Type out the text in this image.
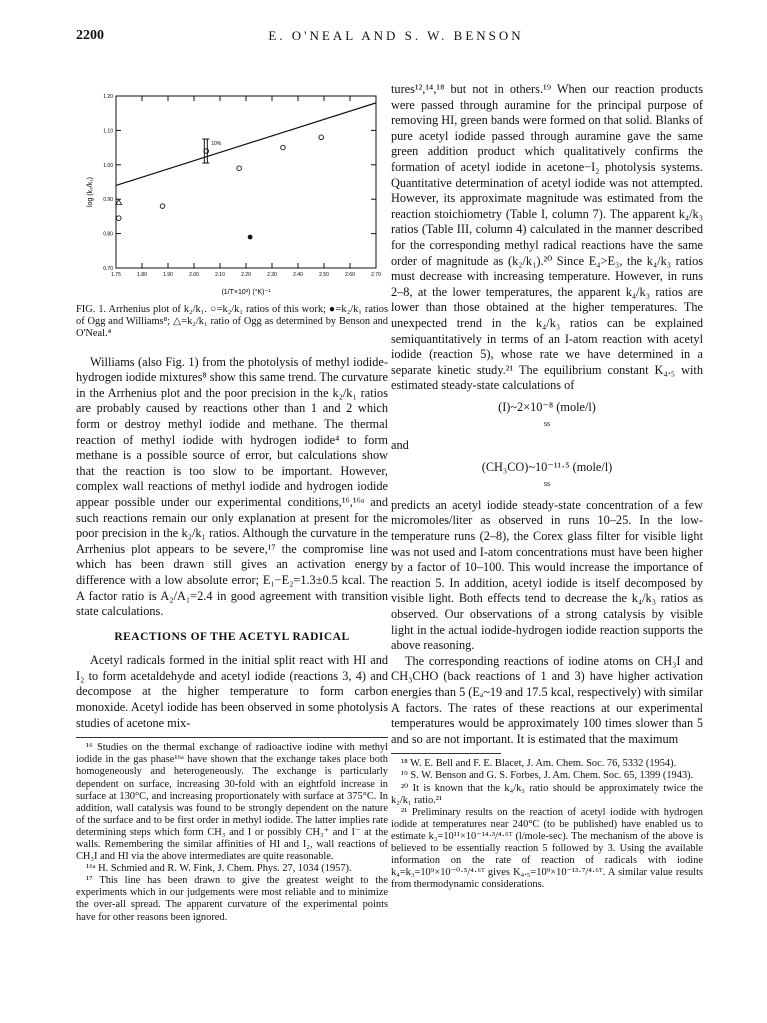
2200	E. O'NEAL AND S. W. BENSON
1.20
1.10
1.00
0.90
0.80
0.70
1.75	1.80	1.90	2.00	2.10	2.20	2.30	2.40	2.50	2.60	2.70
(1/T×10³) (°K)⁻¹
log (k₂/k₁)
10%

FIG. 1. Arrhenius plot of k₂/k₁. ○=k₂/k₁ ratios of this work; ●=k₂/k₁ ratios of Ogg and Williams⁸; △=k₂/k₁ ratio of Ogg as determined by Benson and O'Neal.⁴

Williams (also Fig. 1) from the photolysis of methyl iodide-hydrogen iodide mixtures⁸ show this same trend. The curvature in the Arrhenius plot and the poor precision in the k₂/k₁ ratios are probably caused by reactions other than 1 and 2 which form or destroy methyl iodide and methane. The thermal reaction of methyl iodide with hydrogen iodide⁴ to form methane is a possible source of error, but calculations show that the reaction is too slow to be important. However, complex wall reactions of methyl iodide and hydrogen iodide appear possible under our experimental conditions,¹⁶,¹⁶ᵃ and such reactions remain our only explanation at present for the poor precision in the k₂/k₁ ratios. Although the curvature in the Arrhenius plot appears to be severe,¹⁷ the compromise line which has been drawn still gives an activation energy difference with a low absolute error; E₁−E₂=1.3±0.5 kcal. The A factor ratio is A₂/A₁=2.4 in good agreement with transition state calculations.

REACTIONS OF THE ACETYL RADICAL

Acetyl radicals formed in the initial split react with HI and I₂ to form acetaldehyde and acetyl iodide (reactions 3, 4) and decompose at the higher temperature to form carbon monoxide. Acetyl iodide has been observed in some photolysis studies of acetone mix-

¹⁶ Studies on the thermal exchange of radioactive iodine with methyl iodide in the gas phase¹⁶ᵃ have shown that the exchange takes place both homogeneously and heterogeneously. The exchange is particularly dependent on surface, increasing 30-fold with an eightfold increase in surface at 130°C, and increasing proportionately with surface at 375°C. In addition, wall catalysis was found to be strongly dependent on the nature of the surface and to be first order in methyl iodide. The latter implies rate determining steps which form CH₃ and I or possibly CH₃⁺ and I⁻ at the walls. Remembering the similar affinities of HI and I₂, wall reactions of CH₃I and HI via the above intermediates are quite reasonable.

¹⁶ᵃ H. Schmied and R. W. Fink, J. Chem. Phys. 27, 1034 (1957).

¹⁷ This line has been drawn to give the greatest weight to the experiments which in our judgements were most reliable and to minimize the over-all spread. The apparent curvature of the experimental points have for other reasons been ignored.

tures¹²,¹⁴,¹⁸ but not in others.¹⁹ When our reaction products were passed through auramine for the principal purpose of removing HI, green bands were formed on that solid. Blanks of pure acetyl iodide passed through auramine gave the same green addition product which qualitatively confirms the formation of acetyl iodide in acetone−I₂ photolysis systems. Quantitative determination of acetyl iodide was not attempted. However, its approximate magnitude was estimated from the reaction stoichiometry (Table I, column 7). The apparent k₄/k₃ ratios (Table III, column 4) calculated in the manner described for the corresponding methyl radical reactions have the same order of magnitude as (k₂/k₁).²⁰ Since E₄>E₃, the k₄/k₃ ratios must decrease with increasing temperature. However, in runs 2–8, at the lower temperatures, the apparent k₄/k₃ ratios are lower than those obtained at the higher temperatures. The unexpected trend in the k₄/k₃ ratios can be explained semiquantitatively in terms of an I-atom reaction with acetyl iodide (reaction 5), whose rate we have determined in a separate kinetic study.²¹ The equilibrium constant K₄.₅ with estimated steady-state calculations of

(I)~2×10⁻⁸ (mole/l)
ss

and

(CH₃CO)~10⁻¹¹·⁵ (mole/l)
ss

predicts an acetyl iodide steady-state concentration of a few micromoles/liter as observed in runs 10–25. In the low-temperature runs (2–8), the Corex glass filter for visible light was not used and I-atom concentrations must have been higher by a factor of 10–100. This would increase the importance of reaction 5. In addition, acetyl iodide is itself decomposed by visible light. Both effects tend to decrease the k₄/k₃ ratios as observed. Our observations of a strong catalysis by visible light in the actual iodide-hydrogen iodide reaction supports the above reasoning.

The corresponding reactions of iodine atoms on CH₃I and CH₃CHO (back reactions of 1 and 3) have higher activation energies than 5 (Eₐ~19 and 17.5 kcal, respectively) with similar A factors. The rates of these reactions at our experimental temperatures would be approximately 100 times slower than 5 and so are not important. It is estimated that the maximum

¹⁸ W. E. Bell and F. E. Blacet, J. Am. Chem. Soc. 76, 5332 (1954).

¹⁹ S. W. Benson and G. S. Forbes, J. Am. Chem. Soc. 65, 1399 (1943).

²⁰ It is known that the k₄/k₃ ratio should be approximately twice the k₂/k₁ ratio.²¹

²¹ Preliminary results on the reaction of acetyl iodide with hydrogen iodide at temperatures near 240°C (to be published) have enabled us to estimate k₃=10¹¹×10⁻¹⁴·³/⁴·⁶ᵀ (l/mole-sec). The mechanism of the above is believed to be essentially reaction 5 followed by 3. Using the available information on the rate of reaction of radicals with iodine k₄=k₃=10⁹×10⁻⁰·⁵/⁴·⁶ᵀ gives K₄.₅=10⁹×10⁻¹³·⁷/⁴·⁶ᵀ. A similar value results from thermodynamic considerations.
